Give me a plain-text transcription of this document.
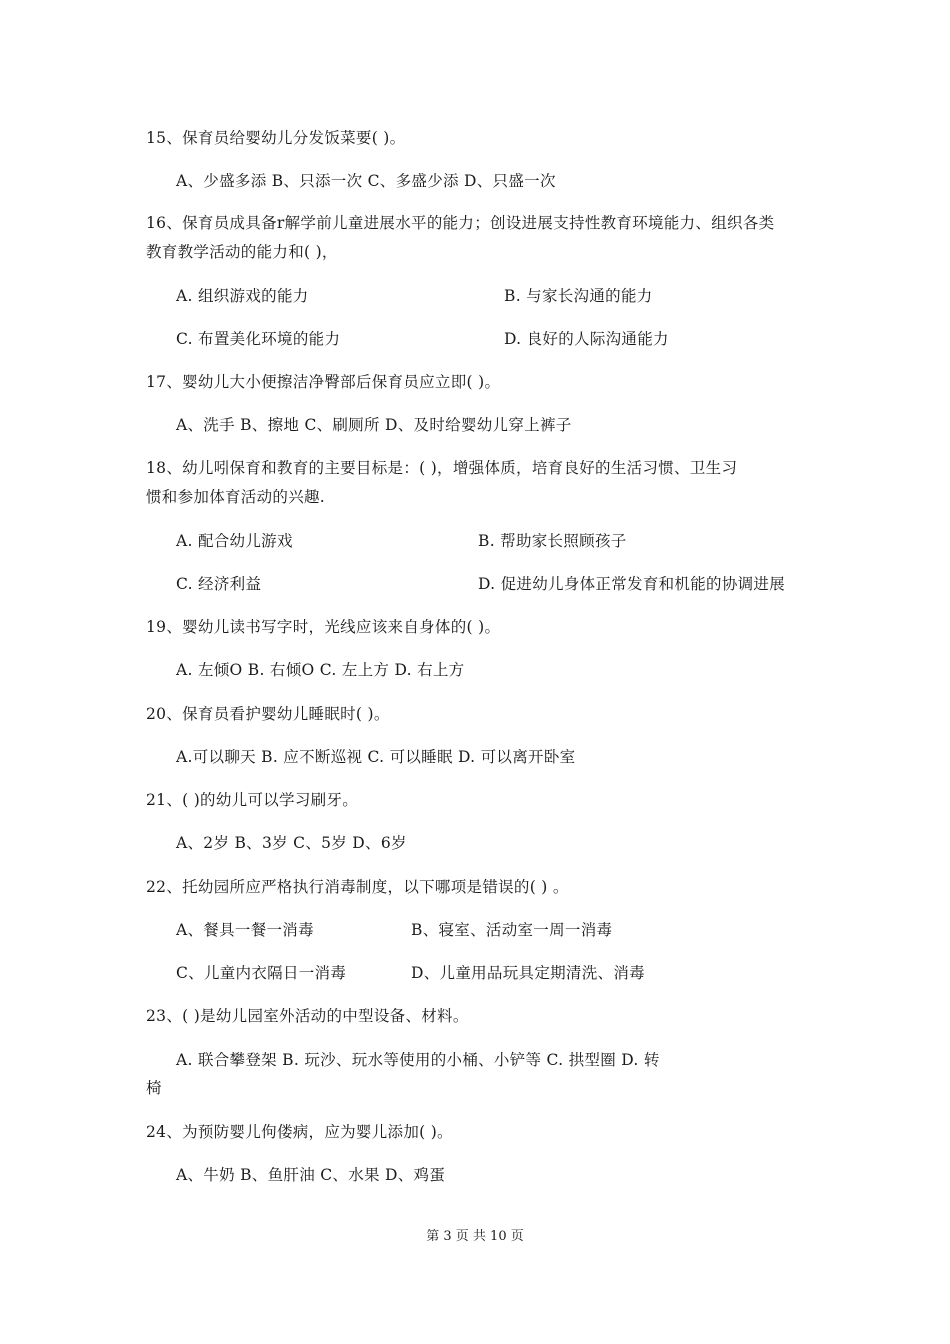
15、保育员给婴幼儿分发饭菜要( )。
A、少盛多添 B、只添一次 C、多盛少添 D、只盛一次
16、保育员成具备r解学前儿童进展水平的能力；创设进展支持性教育环境能力、组织各类
教育教学活动的能力和( )，
A. 组织游戏的能力	B. 与家长沟通的能力
C. 布置美化环境的能力	D. 良好的人际沟通能力
17、婴幼儿大小便擦洁净臀部后保育员应立即( )。
A、洗手 B、擦地 C、刷厕所 D、及时给婴幼儿穿上裤子
18、幼儿吲保育和教育的主要目标是：( )，增强体质，培育良好的生活习惯、卫生习
惯和参加体育活动的兴趣.
A. 配合幼儿游戏	B. 帮助家长照顾孩子
C. 经济利益	D. 促进幼儿身体正常发育和机能的协调进展
19、婴幼儿读书写字时，光线应该来自身体的( )。
A. 左倾O B. 右倾O C. 左上方 D. 右上方
20、保育员看护婴幼儿睡眠时( )。
A.可以聊天 B. 应不断巡视 C. 可以睡眠 D. 可以离开卧室
21、( )的幼儿可以学习刷牙。
A、2岁 B、3岁 C、5岁 D、6岁
22、托幼园所应严格执行消毒制度，以下哪项是错误的( ) 。
A、餐具一餐一消毒	B、寝室、活动室一周一消毒
C、儿童内衣隔日一消毒	D、儿童用品玩具定期清洗、消毒
23、( )是幼儿园室外活动的中型设备、材料。
A. 联合攀登架 B. 玩沙、玩水等使用的小桶、小铲等 C. 拱型圈 D. 转
椅
24、为预防婴儿佝偻病，应为婴儿添加( )。
A、牛奶 B、鱼肝油 C、水果 D、鸡蛋
第 3 页 共 10 页
